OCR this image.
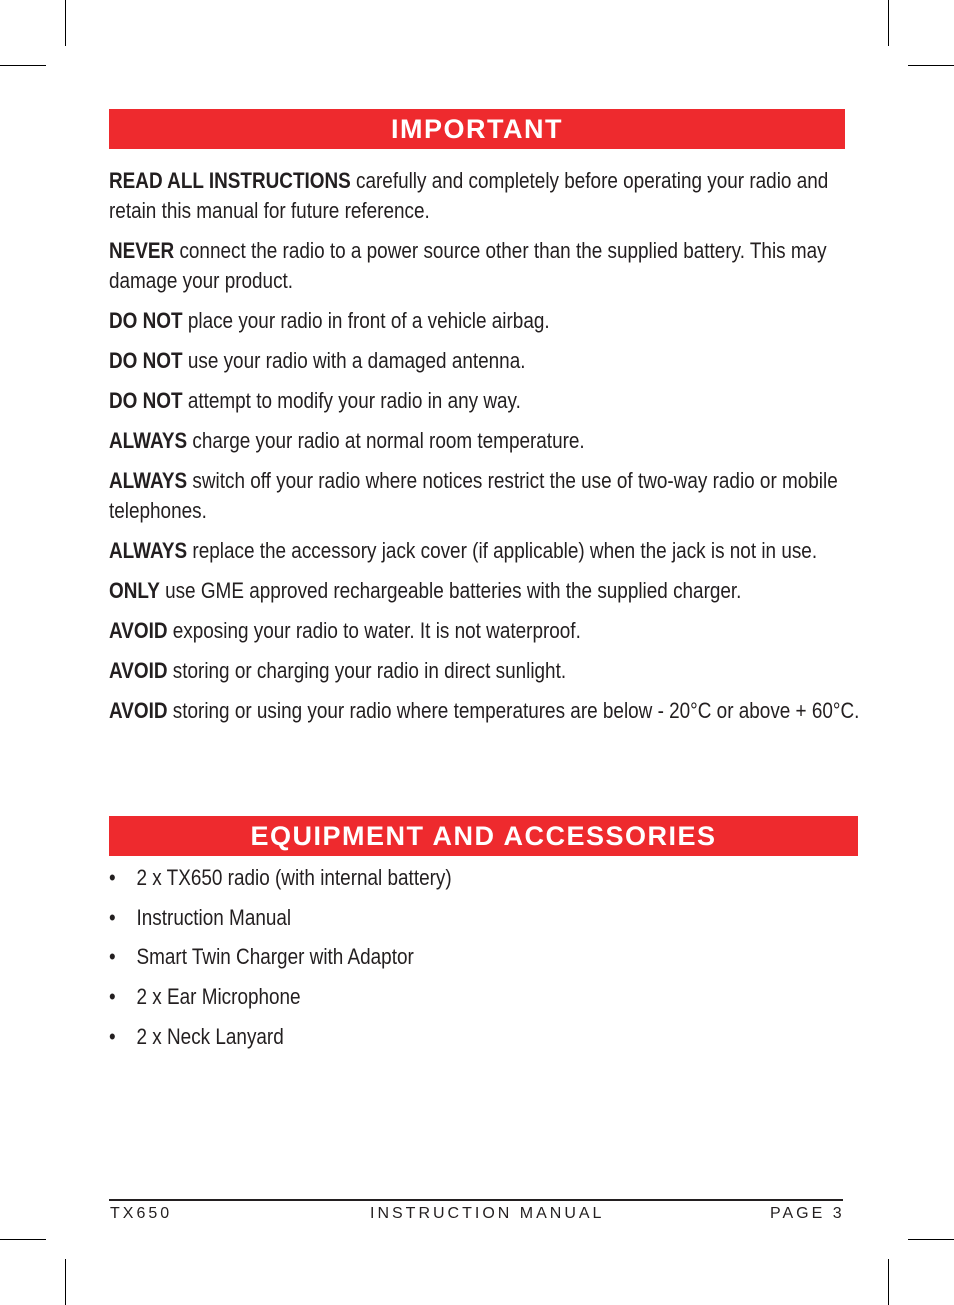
IMPORTANT

READ ALL INSTRUCTIONS carefully and completely before operating your radio and retain this manual for future reference.

NEVER connect the radio to a power source other than the supplied battery. This may damage your product.

DO NOT place your radio in front of a vehicle airbag.

DO NOT use your radio with a damaged antenna.

DO NOT attempt to modify your radio in any way.

ALWAYS charge your radio at normal room temperature.

ALWAYS switch off your radio where notices restrict the use of two-way radio or mobile telephones.

ALWAYS replace the accessory jack cover (if applicable) when the jack is not in use.

ONLY use GME approved rechargeable batteries with the supplied charger.

AVOID exposing your radio to water. It is not waterproof.

AVOID storing or charging your radio in direct sunlight.

AVOID storing or using your radio where temperatures are below - 20°C or above + 60°C.

EQUIPMENT AND ACCESSORIES
• 2 x TX650 radio (with internal battery)
• Instruction Manual
• Smart Twin Charger with Adaptor
• 2 x Ear Microphone
• 2 x Neck Lanyard
TX650	INSTRUCTION MANUAL	PAGE 3
